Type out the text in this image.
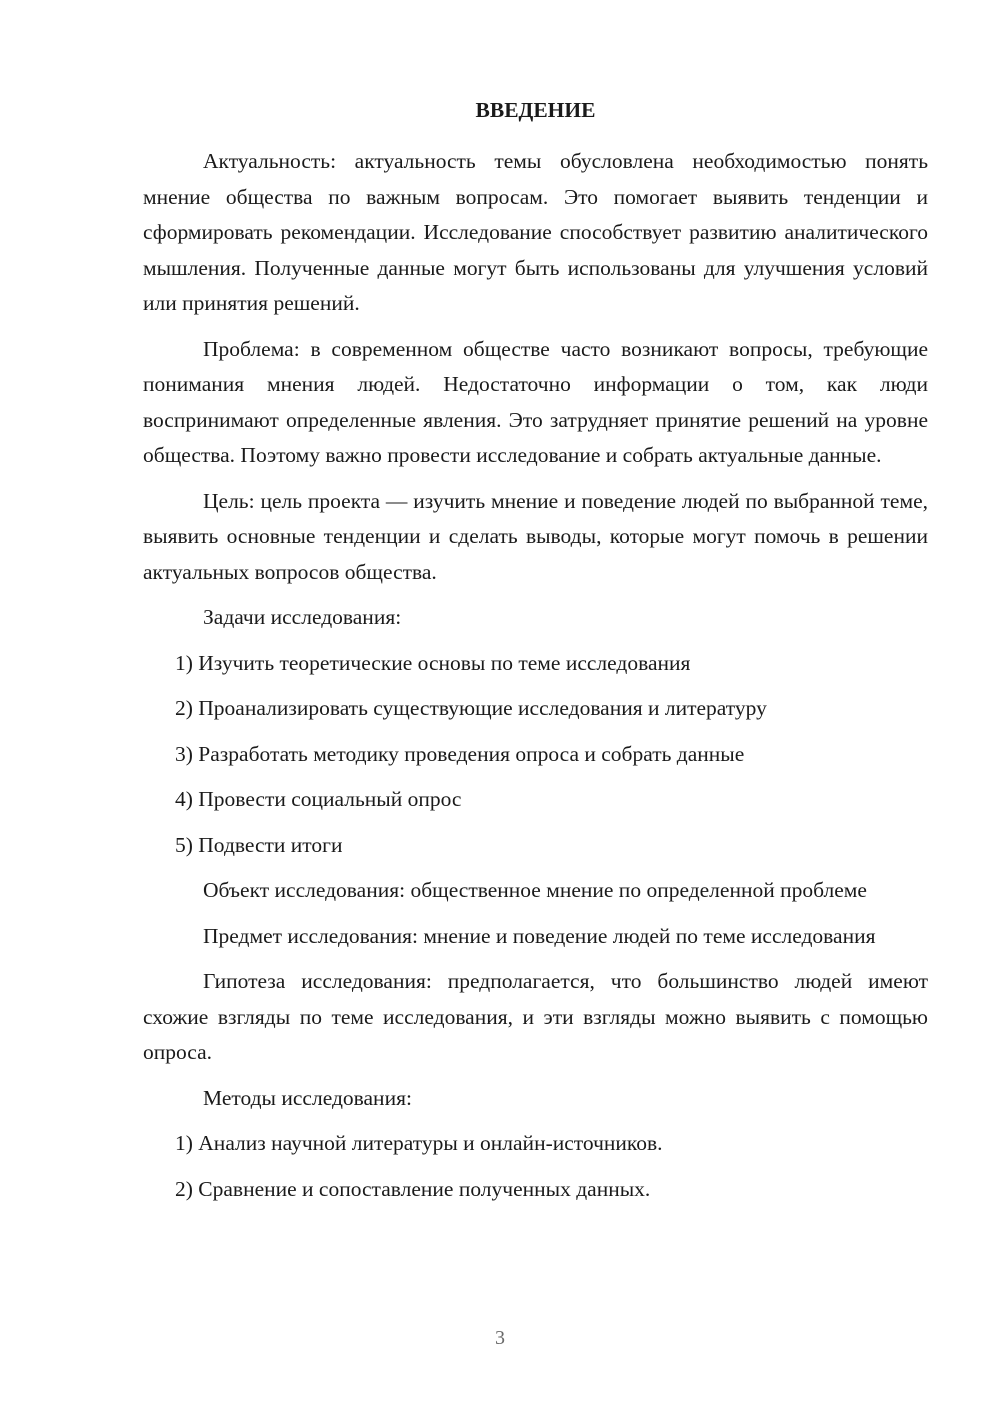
ВВЕДЕНИЕ

Актуальность: актуальность темы обусловлена необходимостью понять мнение общества по важным вопросам. Это помогает выявить тенденции и сформировать рекомендации. Исследование способствует развитию аналитического мышления. Полученные данные могут быть использованы для улучшения условий или принятия решений.

Проблема: в современном обществе часто возникают вопросы, требующие понимания мнения людей. Недостаточно информации о том, как люди воспринимают определенные явления. Это затрудняет принятие решений на уровне общества. Поэтому важно провести исследование и собрать актуальные данные.

Цель: цель проекта — изучить мнение и поведение людей по выбранной теме, выявить основные тенденции и сделать выводы, которые могут помочь в решении актуальных вопросов общества.

Задачи исследования:

1) Изучить теоретические основы по теме исследования

2) Проанализировать существующие исследования и литературу

3) Разработать методику проведения опроса и собрать данные

4) Провести социальный опрос

5) Подвести итоги

Объект исследования: общественное мнение по определенной проблеме

Предмет исследования: мнение и поведение людей по теме исследования

Гипотеза исследования: предполагается, что большинство людей имеют схожие взгляды по теме исследования, и эти взгляды можно выявить с помощью опроса.

Методы исследования:

1) Анализ научной литературы и онлайн-источников.

2) Сравнение и сопоставление полученных данных.

3
